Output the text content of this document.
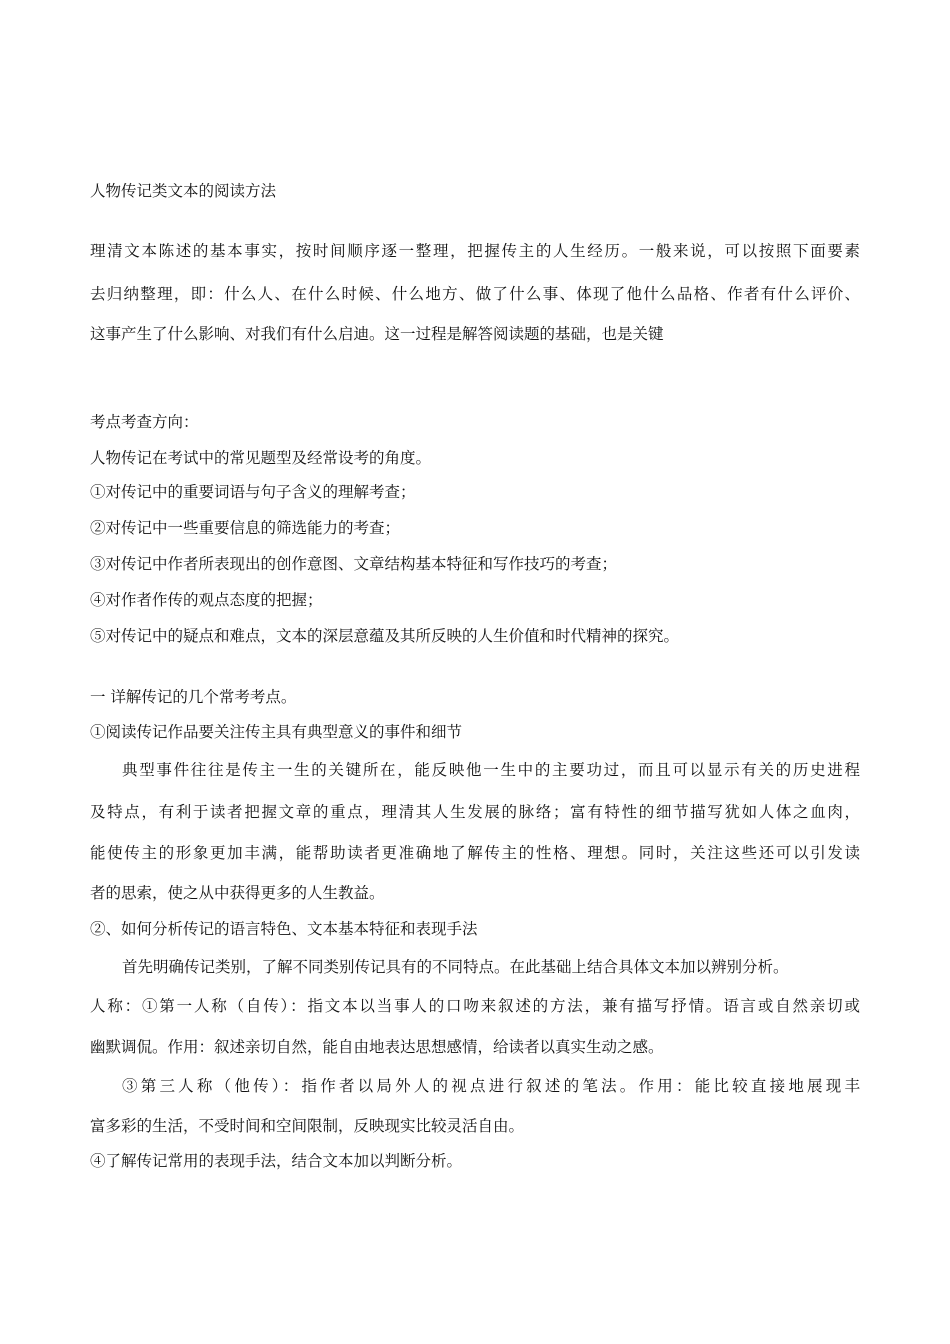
人物传记类文本的阅读方法
理清文本陈述的基本事实，按时间顺序逐一整理，把握传主的人生经历。一般来说，可以按照下面要素
去归纳整理，即：什么人、在什么时候、什么地方、做了什么事、体现了他什么品格、作者有什么评价、
这事产生了什么影响、对我们有什么启迪。这一过程是解答阅读题的基础，也是关键
考点考查方向：
人物传记在考试中的常见题型及经常设考的角度。
①对传记中的重要词语与句子含义的理解考查；
②对传记中一些重要信息的筛选能力的考查；
③对传记中作者所表现出的创作意图、文章结构基本特征和写作技巧的考查；
④对作者作传的观点态度的把握；
⑤对传记中的疑点和难点，文本的深层意蕴及其所反映的人生价值和时代精神的探究。
一 详解传记的几个常考考点。
①阅读传记作品要关注传主具有典型意义的事件和细节
典型事件往往是传主一生的关键所在，能反映他一生中的主要功过，而且可以显示有关的历史进程
及特点，有利于读者把握文章的重点，理清其人生发展的脉络；富有特性的细节描写犹如人体之血肉，
能使传主的形象更加丰满，能帮助读者更准确地了解传主的性格、理想。同时，关注这些还可以引发读
者的思索，使之从中获得更多的人生教益。
②、如何分析传记的语言特色、文本基本特征和表现手法
首先明确传记类别，了解不同类别传记具有的不同特点。在此基础上结合具体文本加以辨别分析。
人称：①第一人称（自传）：指文本以当事人的口吻来叙述的方法，兼有描写抒情。语言或自然亲切或
幽默调侃。作用：叙述亲切自然，能自由地表达思想感情，给读者以真实生动之感。
③第三人称（他传）：指作者以局外人的视点进行叙述的笔法。作用：能比较直接地展现丰
富多彩的生活，不受时间和空间限制，反映现实比较灵活自由。
④了解传记常用的表现手法，结合文本加以判断分析。
